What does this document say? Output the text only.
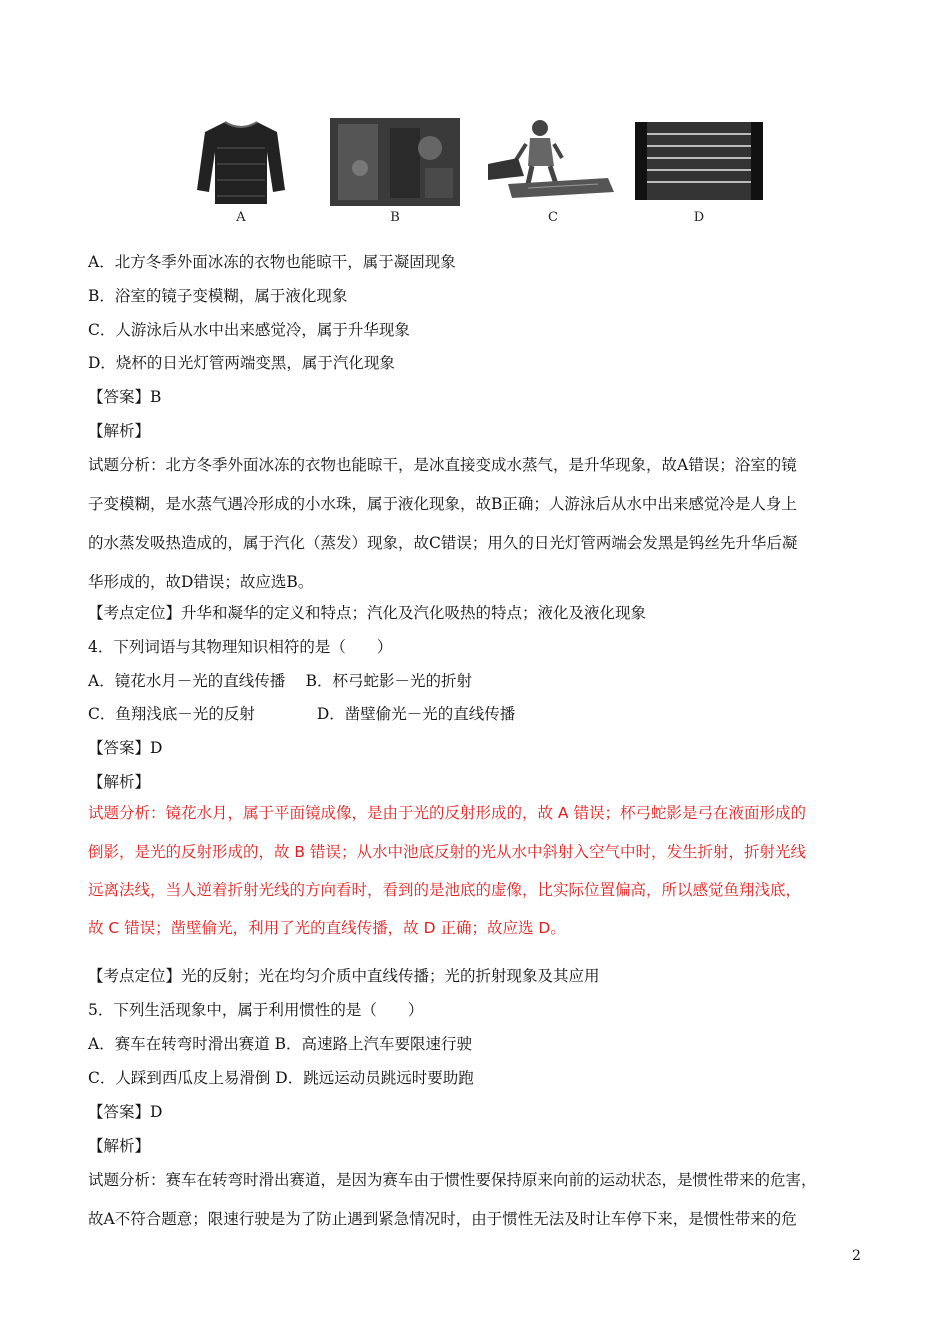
A	B	C	D
A．北方冬季外面冰冻的衣物也能晾干，属于凝固现象
B．浴室的镜子变模糊，属于液化现象
C．人游泳后从水中出来感觉冷，属于升华现象
D．烧杯的日光灯管两端变黑，属于汽化现象
【答案】B
【解析】
试题分析：北方冬季外面冰冻的衣物也能晾干，是冰直接变成水蒸气，是升华现象，故A错误；浴室的镜
子变模糊，是水蒸气遇冷形成的小水珠，属于液化现象，故B正确；人游泳后从水中出来感觉冷是人身上
的水蒸发吸热造成的，属于汽化（蒸发）现象，故C错误；用久的日光灯管两端会发黑是钨丝先升华后凝
华形成的，故D错误；故应选B。
【考点定位】升华和凝华的定义和特点；汽化及汽化吸热的特点；液化及液化现象
4．下列词语与其物理知识相符的是（　　）
A．镜花水月－光的直线传播　 B．杯弓蛇影－光的折射
C．鱼翔浅底－光的反射　　　　D．凿壁偷光－光的直线传播
【答案】D
【解析】
试题分析：镜花水月，属于平面镜成像，是由于光的反射形成的，故 A 错误；杯弓蛇影是弓在液面形成的
倒影，是光的反射形成的，故 B 错误；从水中池底反射的光从水中斜射入空气中时，发生折射，折射光线
远离法线，当人逆着折射光线的方向看时，看到的是池底的虚像，比实际位置偏高，所以感觉鱼翔浅底，
故 C 错误；凿壁偷光，利用了光的直线传播，故 D 正确；故应选 D。
【考点定位】光的反射；光在均匀介质中直线传播；光的折射现象及其应用
5．下列生活现象中，属于利用惯性的是（　　）
A．赛车在转弯时滑出赛道 B．高速路上汽车要限速行驶
C．人踩到西瓜皮上易滑倒 D．跳远运动员跳远时要助跑
【答案】D
【解析】
试题分析：赛车在转弯时滑出赛道，是因为赛车由于惯性要保持原来向前的运动状态，是惯性带来的危害，
故A不符合题意；限速行驶是为了防止遇到紧急情况时，由于惯性无法及时让车停下来，是惯性带来的危
2
